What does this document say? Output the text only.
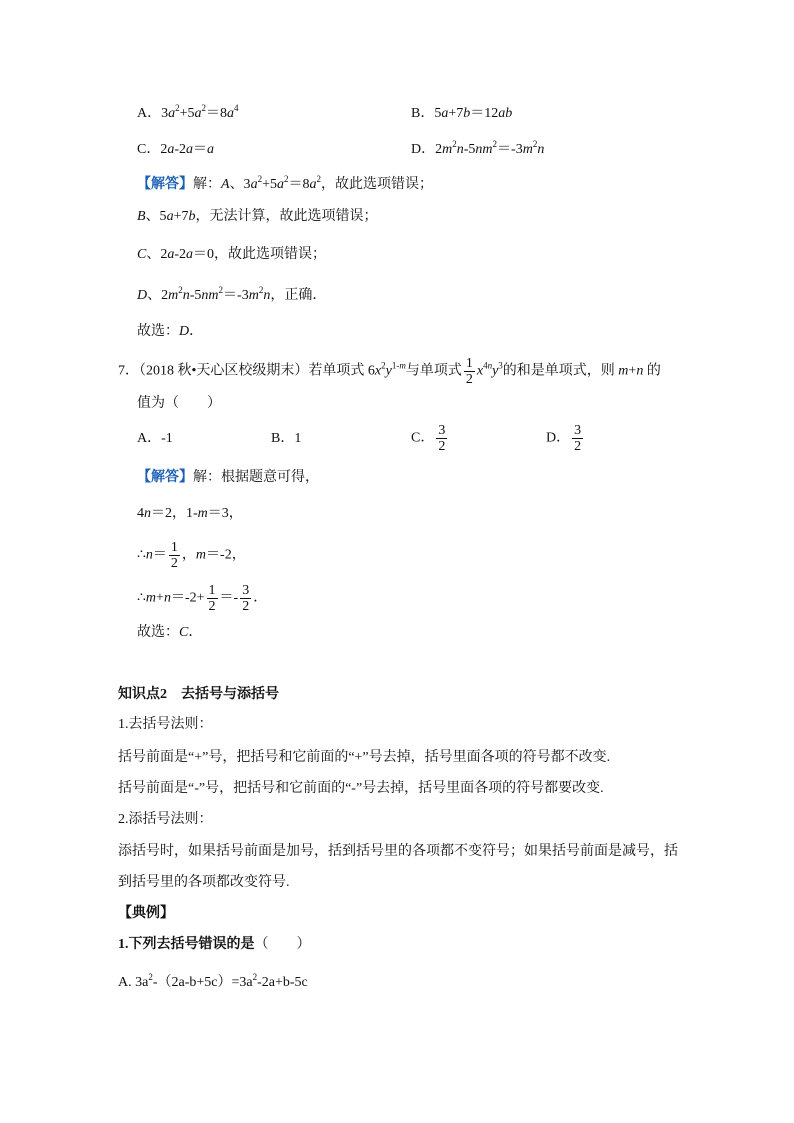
A．$3a^2+5a^2=8a^4$	B．5a+7b＝12ab
C．2a-2a＝a	D．$2m^2n-5nm^2=-3m^2n$
【解答】解：A、$3a^2+5a^2=8a^2$，故此选项错误；
B、5a+7b，无法计算，故此选项错误；
C、2a-2a＝0，故此选项错误；
D、$2m^2n-5nm^2=-3m^2n$，正确．
故选：D．
7．（2018 秋•天心区校级期末）若单项式 $6x^2y^{1-m}$与单项式 $\frac{1}{2} x^{4n}y^3$的和是单项式，则 m+n 的
值为（　　）
A．-1	B．1	C． $\frac{3}{2}$	D． $\frac{3}{2}$
【解答】解：根据题意可得，
4n＝2，1-m＝3，
∴n＝ $\frac{1}{2}$ ，m＝-2，
∴m+n＝-2+ $\frac{1}{2} =- \frac{3}{2}$ ．
故选：C．
知识点2　去括号与添括号
1.去括号法则：
括号前面是“+”号，把括号和它前面的“+”号去掉，括号里面各项的符号都不改变.
括号前面是“-”号，把括号和它前面的“-”号去掉，括号里面各项的符号都要改变.
2.添括号法则：
添括号时，如果括号前面是加号，括到括号里的各项都不变符号；如果括号前面是减号，括
到括号里的各项都改变符号.
【典例】
1.下列去括号错误的是（　　）
A. $3a^2-(2a-b+5c)=3a^2-2a+b-5c$
